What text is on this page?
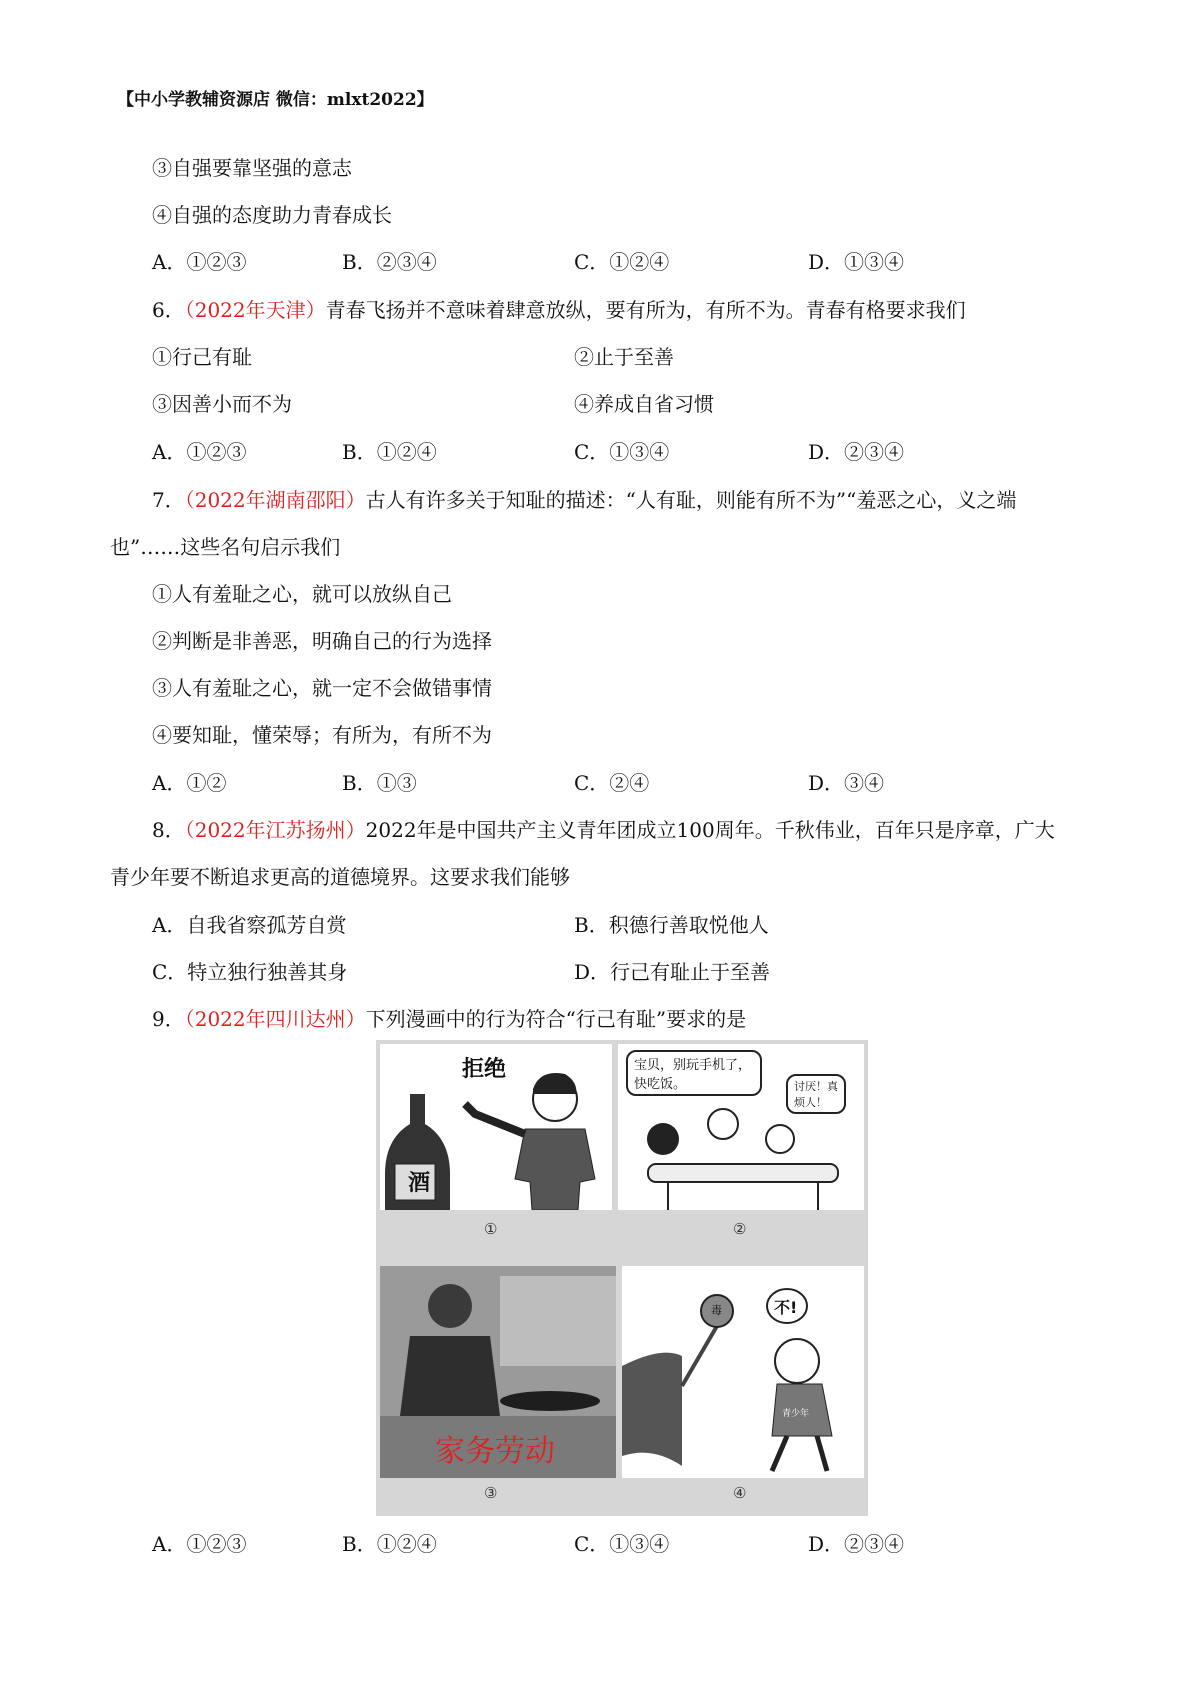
【中小学教辅资源店 微信：mlxt2022】
③自强要靠坚强的意志
④自强的态度助力青春成长
A．①②③	B．②③④	C．①②④	D．①③④
6．（2022年天津）青春飞扬并不意味着肆意放纵，要有所为，有所不为。青春有格要求我们
①行己有耻	②止于至善
③因善小而不为	④养成自省习惯
A．①②③	B．①②④	C．①③④	D．②③④
7．（2022年湖南邵阳）古人有许多关于知耻的描述：“人有耻，则能有所不为”“羞恶之心，义之端
也”……这些名句启示我们
①人有羞耻之心，就可以放纵自己
②判断是非善恶，明确自己的行为选择
③人有羞耻之心，就一定不会做错事情
④要知耻，懂荣辱；有所为，有所不为
A．①②	B．①③	C．②④	D．③④
8．（2022年江苏扬州）2022年是中国共产主义青年团成立100周年。千秋伟业，百年只是序章，广大
青少年要不断追求更高的道德境界。这要求我们能够
A．自我省察孤芳自赏	B．积德行善取悦他人
C．特立独行独善其身	D．行己有耻止于至善
9．（2022年四川达州）下列漫画中的行为符合“行己有耻”要求的是
酒
拒绝	宝贝，别玩手机了，快吃饭。	讨厌！真烦人！
①	②
家务劳动
毒	不!
青少年
③	④
A．①②③	B．①②④	C．①③④	D．②③④
